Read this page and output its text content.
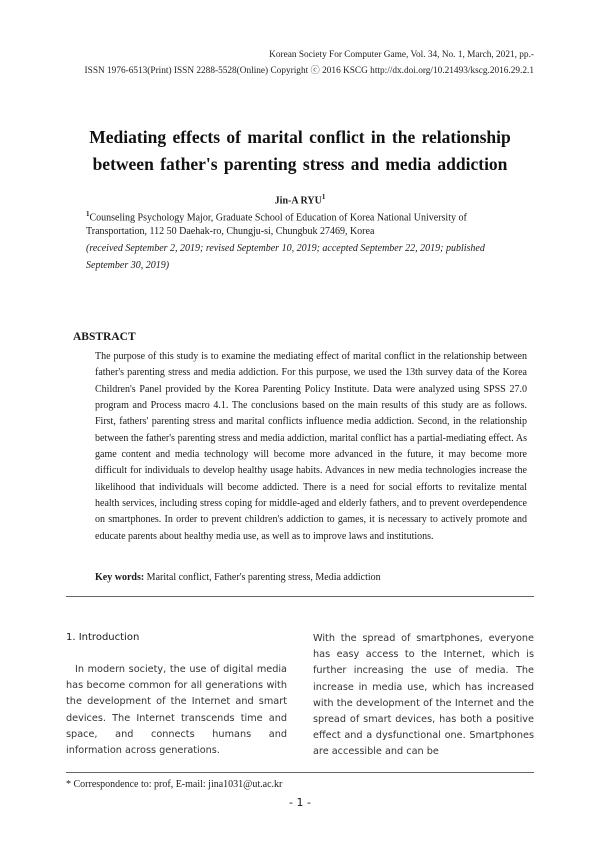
Korean Society For Computer Game, Vol. 34, No. 1, March, 2021, pp.-
ISSN 1976-6513(Print) ISSN 2288-5528(Online) Copyright ⓒ 2016 KSCG http://dx.doi.org/10.21493/kscg.2016.29.2.1
Mediating effects of marital conflict in the relationship
between father's parenting stress and media addiction
Jin-A RYU$^1$
$^1$Counseling Psychology Major, Graduate School of Education of Korea National University of
Transportation, 112 50 Daehak-ro, Chungju-si, Chungbuk 27469, Korea
(received September 2, 2019; revised September 10, 2019; accepted September 22, 2019; published
September 30, 2019)
ABSTRACT

The purpose of this study is to examine the mediating effect of marital conflict in the relationship between father's parenting stress and media addiction. For this purpose, we used the 13th survey data of the Korea Children's Panel provided by the Korea Parenting Policy Institute. Data were analyzed using SPSS 27.0 program and Process macro 4.1. The conclusions based on the main results of this study are as follows. First, fathers' parenting stress and marital conflicts influence media addiction. Second, in the relationship between the father's parenting stress and media addiction, marital conflict has a partial-mediating effect. As game content and media technology will become more advanced in the future, it may become more difficult for individuals to develop healthy usage habits. Advances in new media technologies increase the likelihood that individuals will become addicted. There is a need for social efforts to revitalize mental health services, including stress coping for middle-aged and elderly fathers, and to prevent overdependence on smartphones. In order to prevent children's addiction to games, it is necessary to actively promote and educate parents about healthy media use, as well as to improve laws and institutions.

Key words: Marital conflict, Father's parenting stress, Media addiction
1. Introduction

In modern society, the use of digital media has become common for all generations with the development of the Internet and smart devices. The Internet transcends time and space, and connects humans and information across generations.

With the spread of smartphones, everyone has easy access to the Internet, which is further increasing the use of media. The increase in media use, which has increased with the development of the Internet and the spread of smart devices, has both a positive effect and a dysfunctional one. Smartphones are accessible and can be

* Correspondence to: prof, E-mail: jina1031@ut.ac.kr
- 1 -
